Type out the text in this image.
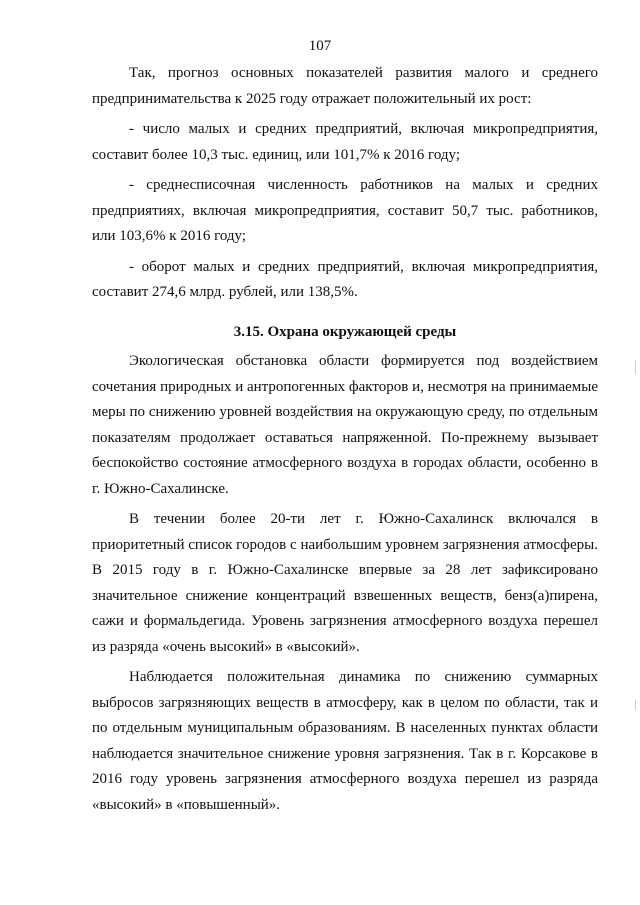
107

Так, прогноз основных показателей развития малого и среднего предпринимательства к 2025 году отражает положительный их рост:

- число малых и средних предприятий, включая микропредприятия, составит более 10,3 тыс. единиц, или 101,7% к 2016 году;

- среднесписочная численность работников на малых и средних предприятиях, включая микропредприятия, составит 50,7 тыс. работников, или 103,6% к 2016 году;

- оборот малых и средних предприятий, включая микропредприятия, составит 274,6 млрд. рублей, или 138,5%.

3.15. Охрана окружающей среды

Экологическая обстановка области формируется под воздействием сочетания природных и антропогенных факторов и, несмотря на принимаемые меры по снижению уровней воздействия на окружающую среду, по отдельным показателям продолжает оставаться напряженной. По-прежнему вызывает беспокойство состояние атмосферного воздуха в городах области, особенно в г. Южно-Сахалинске.

В течении более 20-ти лет г. Южно-Сахалинск включался в приоритетный список городов с наибольшим уровнем загрязнения атмосферы. В 2015 году в г. Южно-Сахалинске впервые за 28 лет зафиксировано значительное снижение концентраций взвешенных веществ, бенз(а)пирена, сажи и формальдегида. Уровень загрязнения атмосферного воздуха перешел из разряда «очень высокий» в «высокий».

Наблюдается положительная динамика по снижению суммарных выбросов загрязняющих веществ в атмосферу, как в целом по области, так и по отдельным муниципальным образованиям. В населенных пунктах области наблюдается значительное снижение уровня загрязнения. Так в г. Корсакове в 2016 году уровень загрязнения атмосферного воздуха перешел из разряда «высокий» в «повышенный».
